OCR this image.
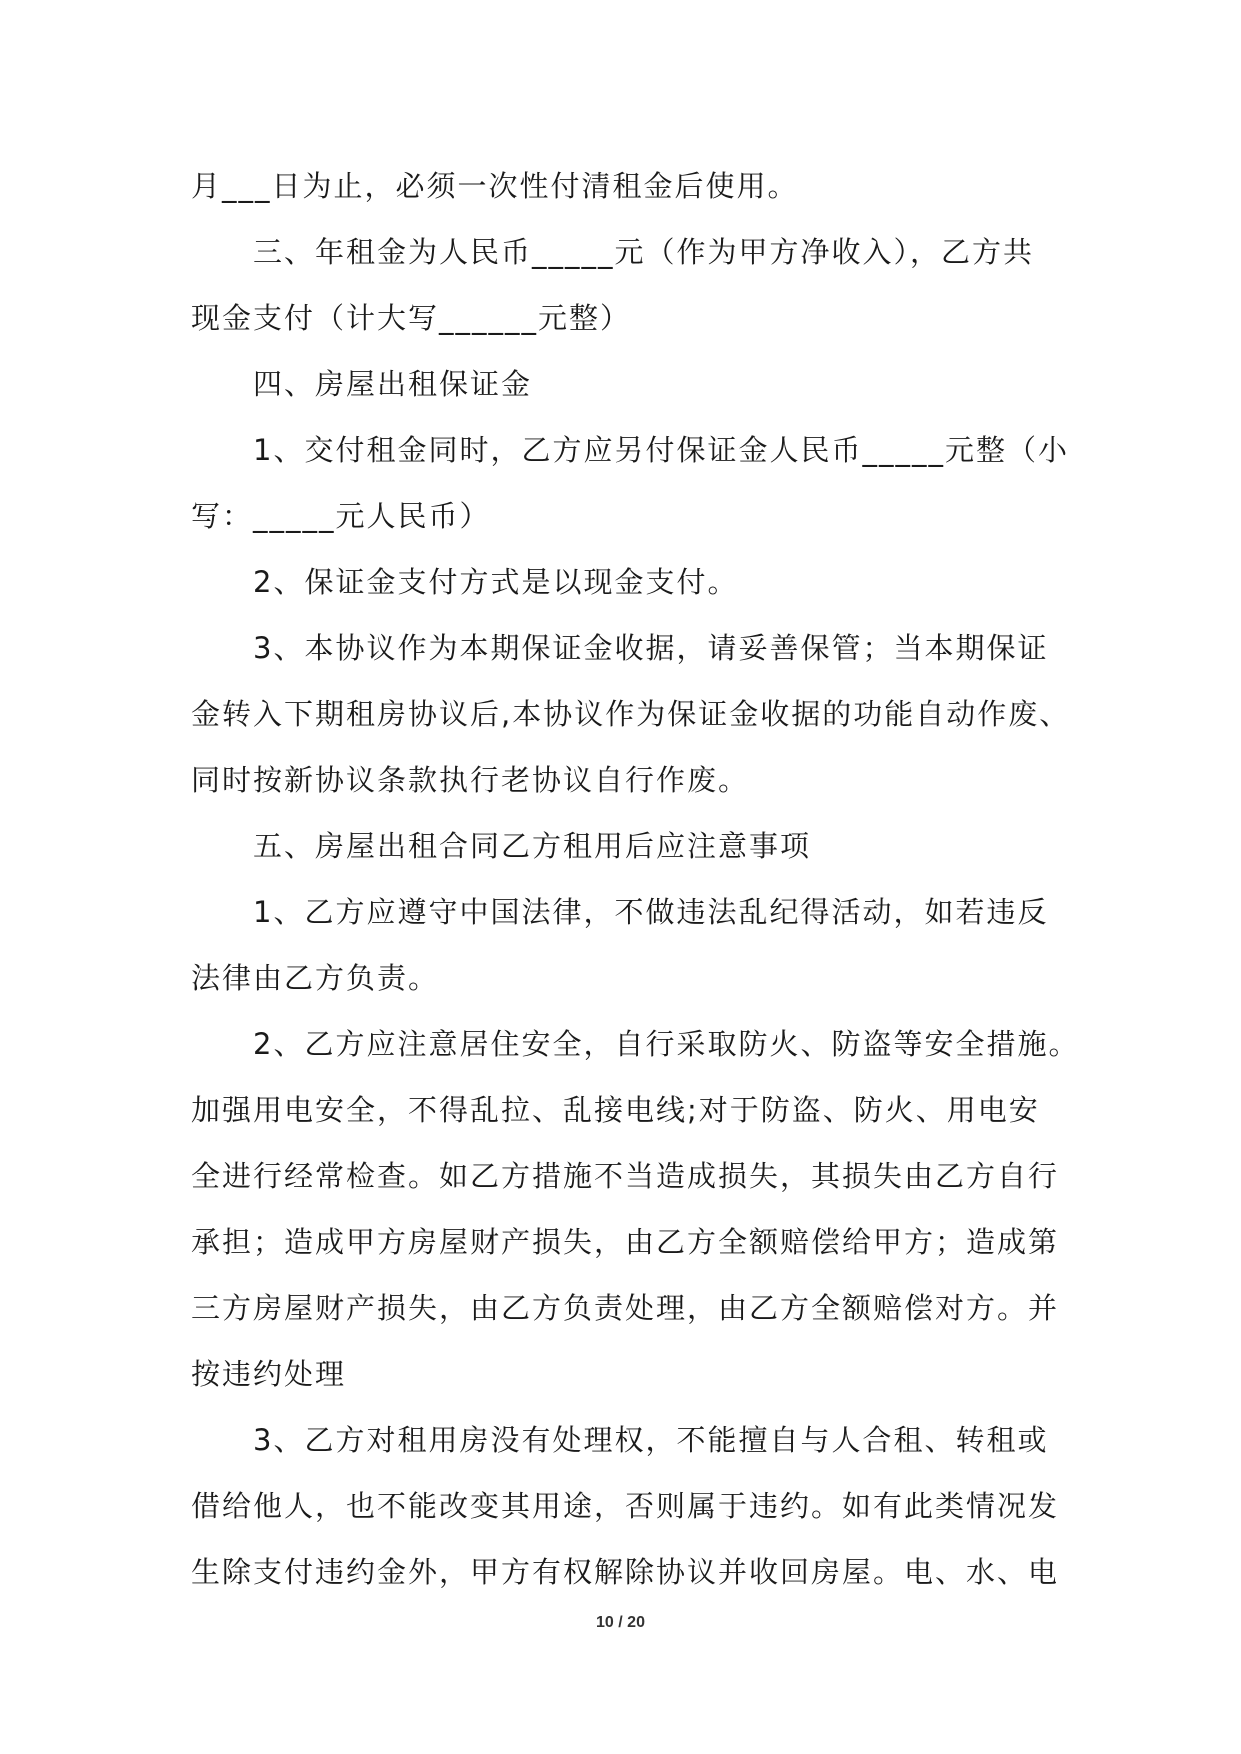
月___日为止，必须一次性付清租金后使用。
三、年租金为人民币_____元（作为甲方净收入），乙方共
现金支付（计大写______元整）
四、房屋出租保证金
1、交付租金同时，乙方应另付保证金人民币_____元整（小
写：_____元人民币）
2、保证金支付方式是以现金支付。
3、本协议作为本期保证金收据，请妥善保管；当本期保证
金转入下期租房协议后,本协议作为保证金收据的功能自动作废、
同时按新协议条款执行老协议自行作废。
五、房屋出租合同乙方租用后应注意事项
1、乙方应遵守中国法律，不做违法乱纪得活动，如若违反
法律由乙方负责。
2、乙方应注意居住安全，自行采取防火、防盗等安全措施。
加强用电安全，不得乱拉、乱接电线;对于防盗、防火、用电安
全进行经常检查。如乙方措施不当造成损失，其损失由乙方自行
承担；造成甲方房屋财产损失，由乙方全额赔偿给甲方；造成第
三方房屋财产损失，由乙方负责处理，由乙方全额赔偿对方。并
按违约处理
3、乙方对租用房没有处理权，不能擅自与人合租、转租或
借给他人，也不能改变其用途，否则属于违约。如有此类情况发
生除支付违约金外，甲方有权解除协议并收回房屋。电、水、电
10 / 20
